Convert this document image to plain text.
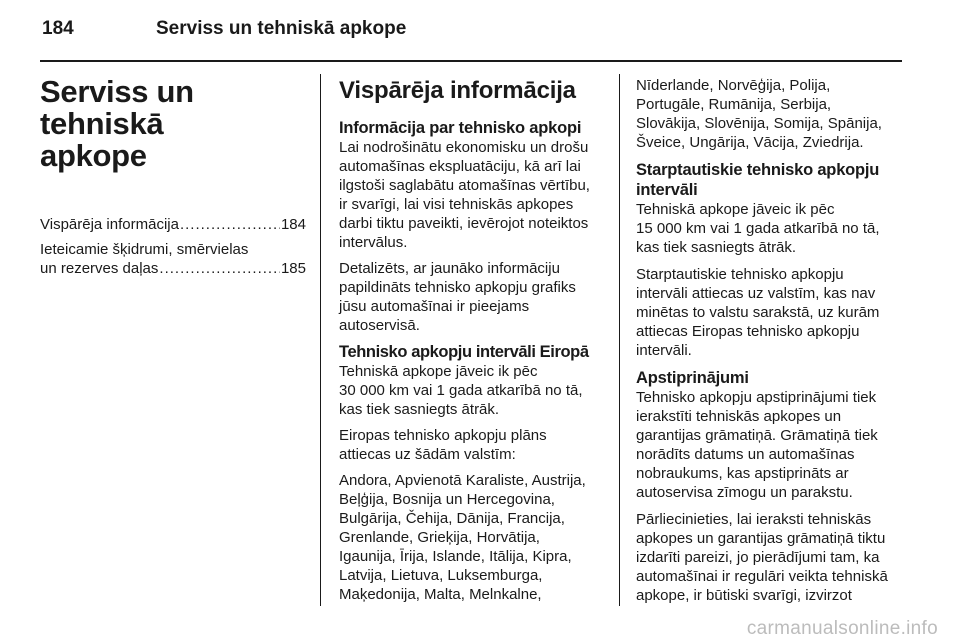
184	Serviss un tehniskā apkope
Serviss un tehniskā
apkope
Vispārēja informācija .....	184
Ieteicamie šķidrumi, smērvielas
un rezerves daļas .....	185
Vispārēja informācija
Informācija par tehnisko apkopi

Lai nodrošinātu ekonomisku un drošu
automašīnas ekspluatāciju, kā arī lai
ilgstoši saglabātu atomašīnas vērtību,
ir svarīgi, lai visi tehniskās apkopes
darbi tiktu paveikti, ievērojot noteiktos
intervālus.

Detalizēts, ar jaunāko informāciju
papildināts tehnisko apkopju grafiks
jūsu automašīnai ir pieejams
autoservisā.

Tehnisko apkopju intervāli Eiropā

Tehniskā apkope jāveic ik pēc
30 000 km vai 1 gada atkarībā no tā,
kas tiek sasniegts ātrāk.

Eiropas tehnisko apkopju plāns
attiecas uz šādām valstīm:

Andora, Apvienotā Karaliste, Austrija,
Beļģija, Bosnija un Hercegovina,
Bulgārija, Čehija, Dānija, Francija,
Grenlande, Grieķija, Horvātija,
Igaunija, Īrija, Islande, Itālija, Kipra,
Latvija, Lietuva, Luksemburga,
Maķedonija, Malta, Melnkalne,

Nīderlande, Norvēģija, Polija,
Portugāle, Rumānija, Serbija,
Slovākija, Slovēnija, Somija, Spānija,
Šveice, Ungārija, Vācija, Zviedrija.

Starptautiskie tehnisko apkopju intervāli

Tehniskā apkope jāveic ik pēc
15 000 km vai 1 gada atkarībā no tā,
kas tiek sasniegts ātrāk.

Starptautiskie tehnisko apkopju
intervāli attiecas uz valstīm, kas nav
minētas to valstu sarakstā, uz kurām
attiecas Eiropas tehnisko apkopju
intervāli.

Apstiprinājumi

Tehnisko apkopju apstiprinājumi tiek
ierakstīti tehniskās apkopes un
garantijas grāmatiņā. Grāmatiņā tiek
norādīts datums un automašīnas
nobraukums, kas apstiprināts ar
autoservisa zīmogu un parakstu.

Pārliecinieties, lai ieraksti tehniskās
apkopes un garantijas grāmatiņā tiktu
izdarīti pareizi, jo pierādījumi tam, ka
automašīnai ir regulāri veikta tehniskā
apkope, ir būtiski svarīgi, izvirzot

carmanualsonline.info
